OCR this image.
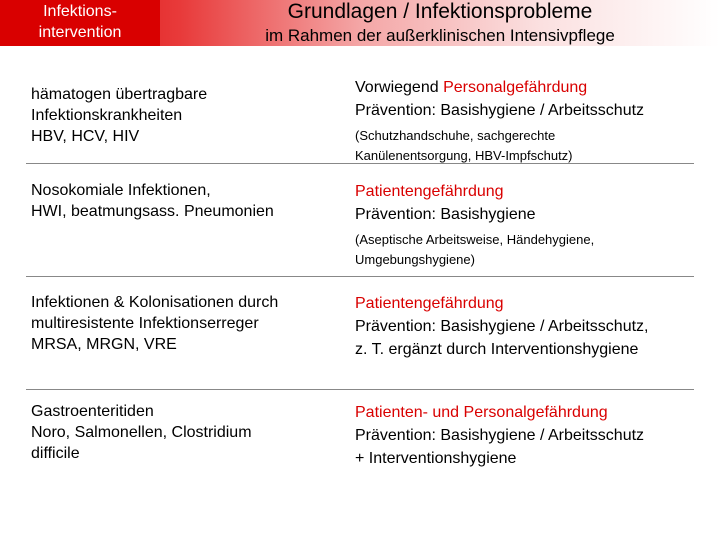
Infektions-
intervention
Grundlagen / Infektionsprobleme
im Rahmen der außerklinischen Intensivpflege
hämatogen übertragbare
Infektionskrankheiten
HBV, HCV, HIV
Vorwiegend Personalgefährdung
Prävention: Basishygiene / Arbeitsschutz
(Schutzhandschuhe, sachgerechte
Kanülenentsorgung, HBV-Impfschutz)
Nosokomiale Infektionen,
HWI, beatmungsass. Pneumonien
Patientengefährdung
Prävention: Basishygiene
(Aseptische Arbeitsweise, Händehygiene,
Umgebungshygiene)
Infektionen & Kolonisationen durch
multiresistente Infektionserreger
MRSA, MRGN, VRE
Patientengefährdung
Prävention: Basishygiene / Arbeitsschutz,
z. T. ergänzt durch Interventionshygiene
Gastroenteritiden
Noro, Salmonellen, Clostridium
difficile
Patienten- und Personalgefährdung
Prävention: Basishygiene / Arbeitsschutz
+ Interventionshygiene
